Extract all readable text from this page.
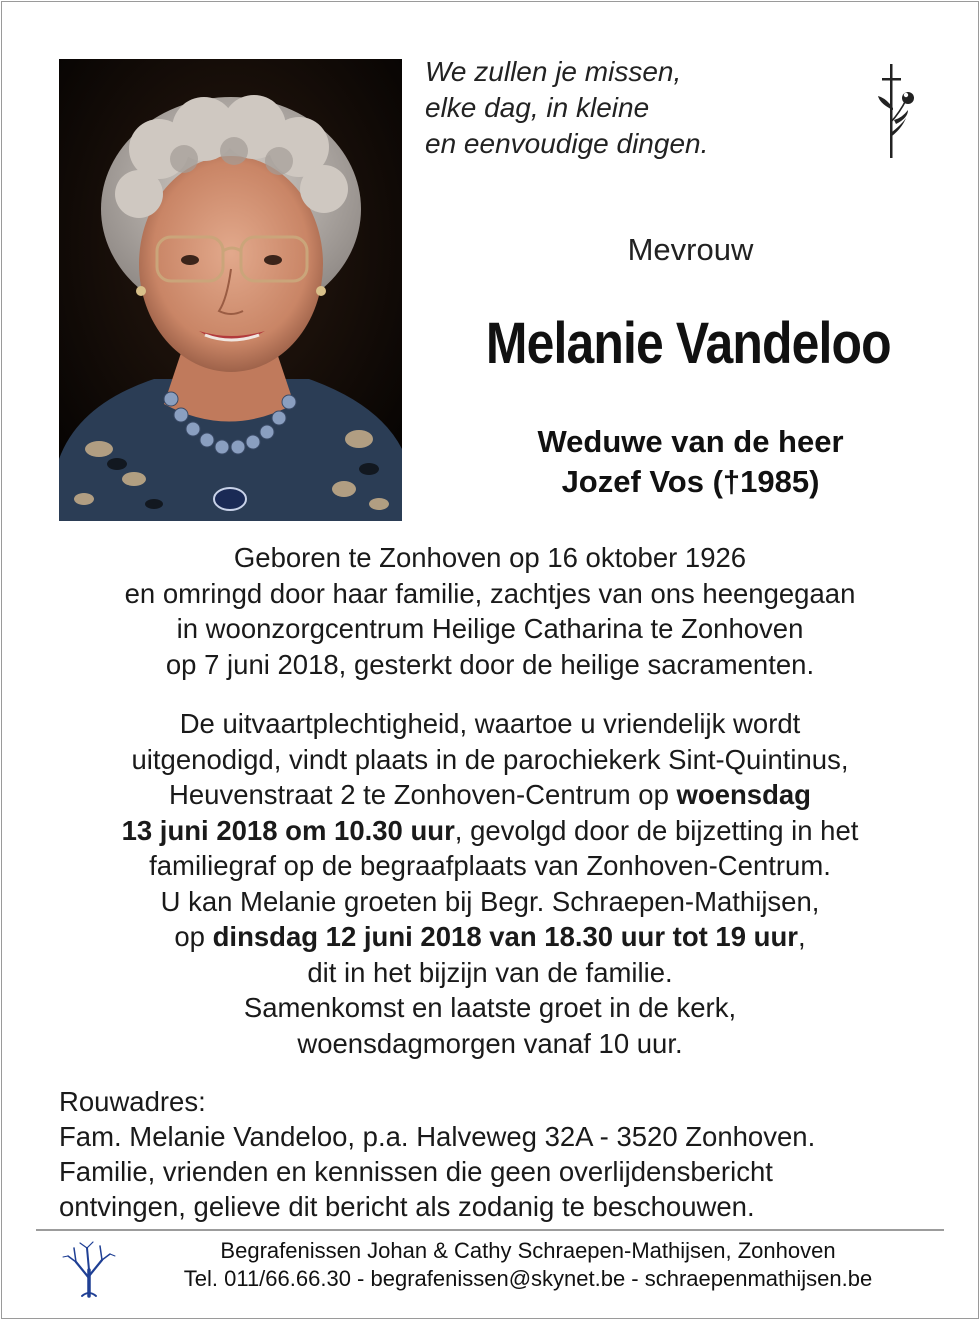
We zullen je missen,
elke dag, in kleine
en eenvoudige dingen.
Mevrouw
Melanie Vandeloo
Weduwe van de heer
Jozef Vos (†1985)
Geboren te Zonhoven op 16 oktober 1926
en omringd door haar familie, zachtjes van ons heengegaan
in woonzorgcentrum Heilige Catharina te Zonhoven
op 7 juni 2018, gesterkt door de heilige sacramenten.
De uitvaartplechtigheid, waartoe u vriendelijk wordt
uitgenodigd, vindt plaats in de parochiekerk Sint-Quintinus,
Heuvenstraat 2 te Zonhoven-Centrum op woensdag
13 juni 2018 om 10.30 uur, gevolgd door de bijzetting in het
familiegraf op de begraafplaats van Zonhoven-Centrum.
U kan Melanie groeten bij Begr. Schraepen-Mathijsen,
op dinsdag 12 juni 2018 van 18.30 uur tot 19 uur,
dit in het bijzijn van de familie.
Samenkomst en laatste groet in de kerk,
woensdagmorgen vanaf 10 uur.
Rouwadres:
Fam. Melanie Vandeloo, p.a. Halveweg 32A - 3520 Zonhoven.
Familie, vrienden en kennissen die geen overlijdensbericht
ontvingen, gelieve dit bericht als zodanig te beschouwen.
Begrafenissen Johan & Cathy Schraepen-Mathijsen, Zonhoven
Tel. 011/66.66.30 - begrafenissen@skynet.be - schraepenmathijsen.be
